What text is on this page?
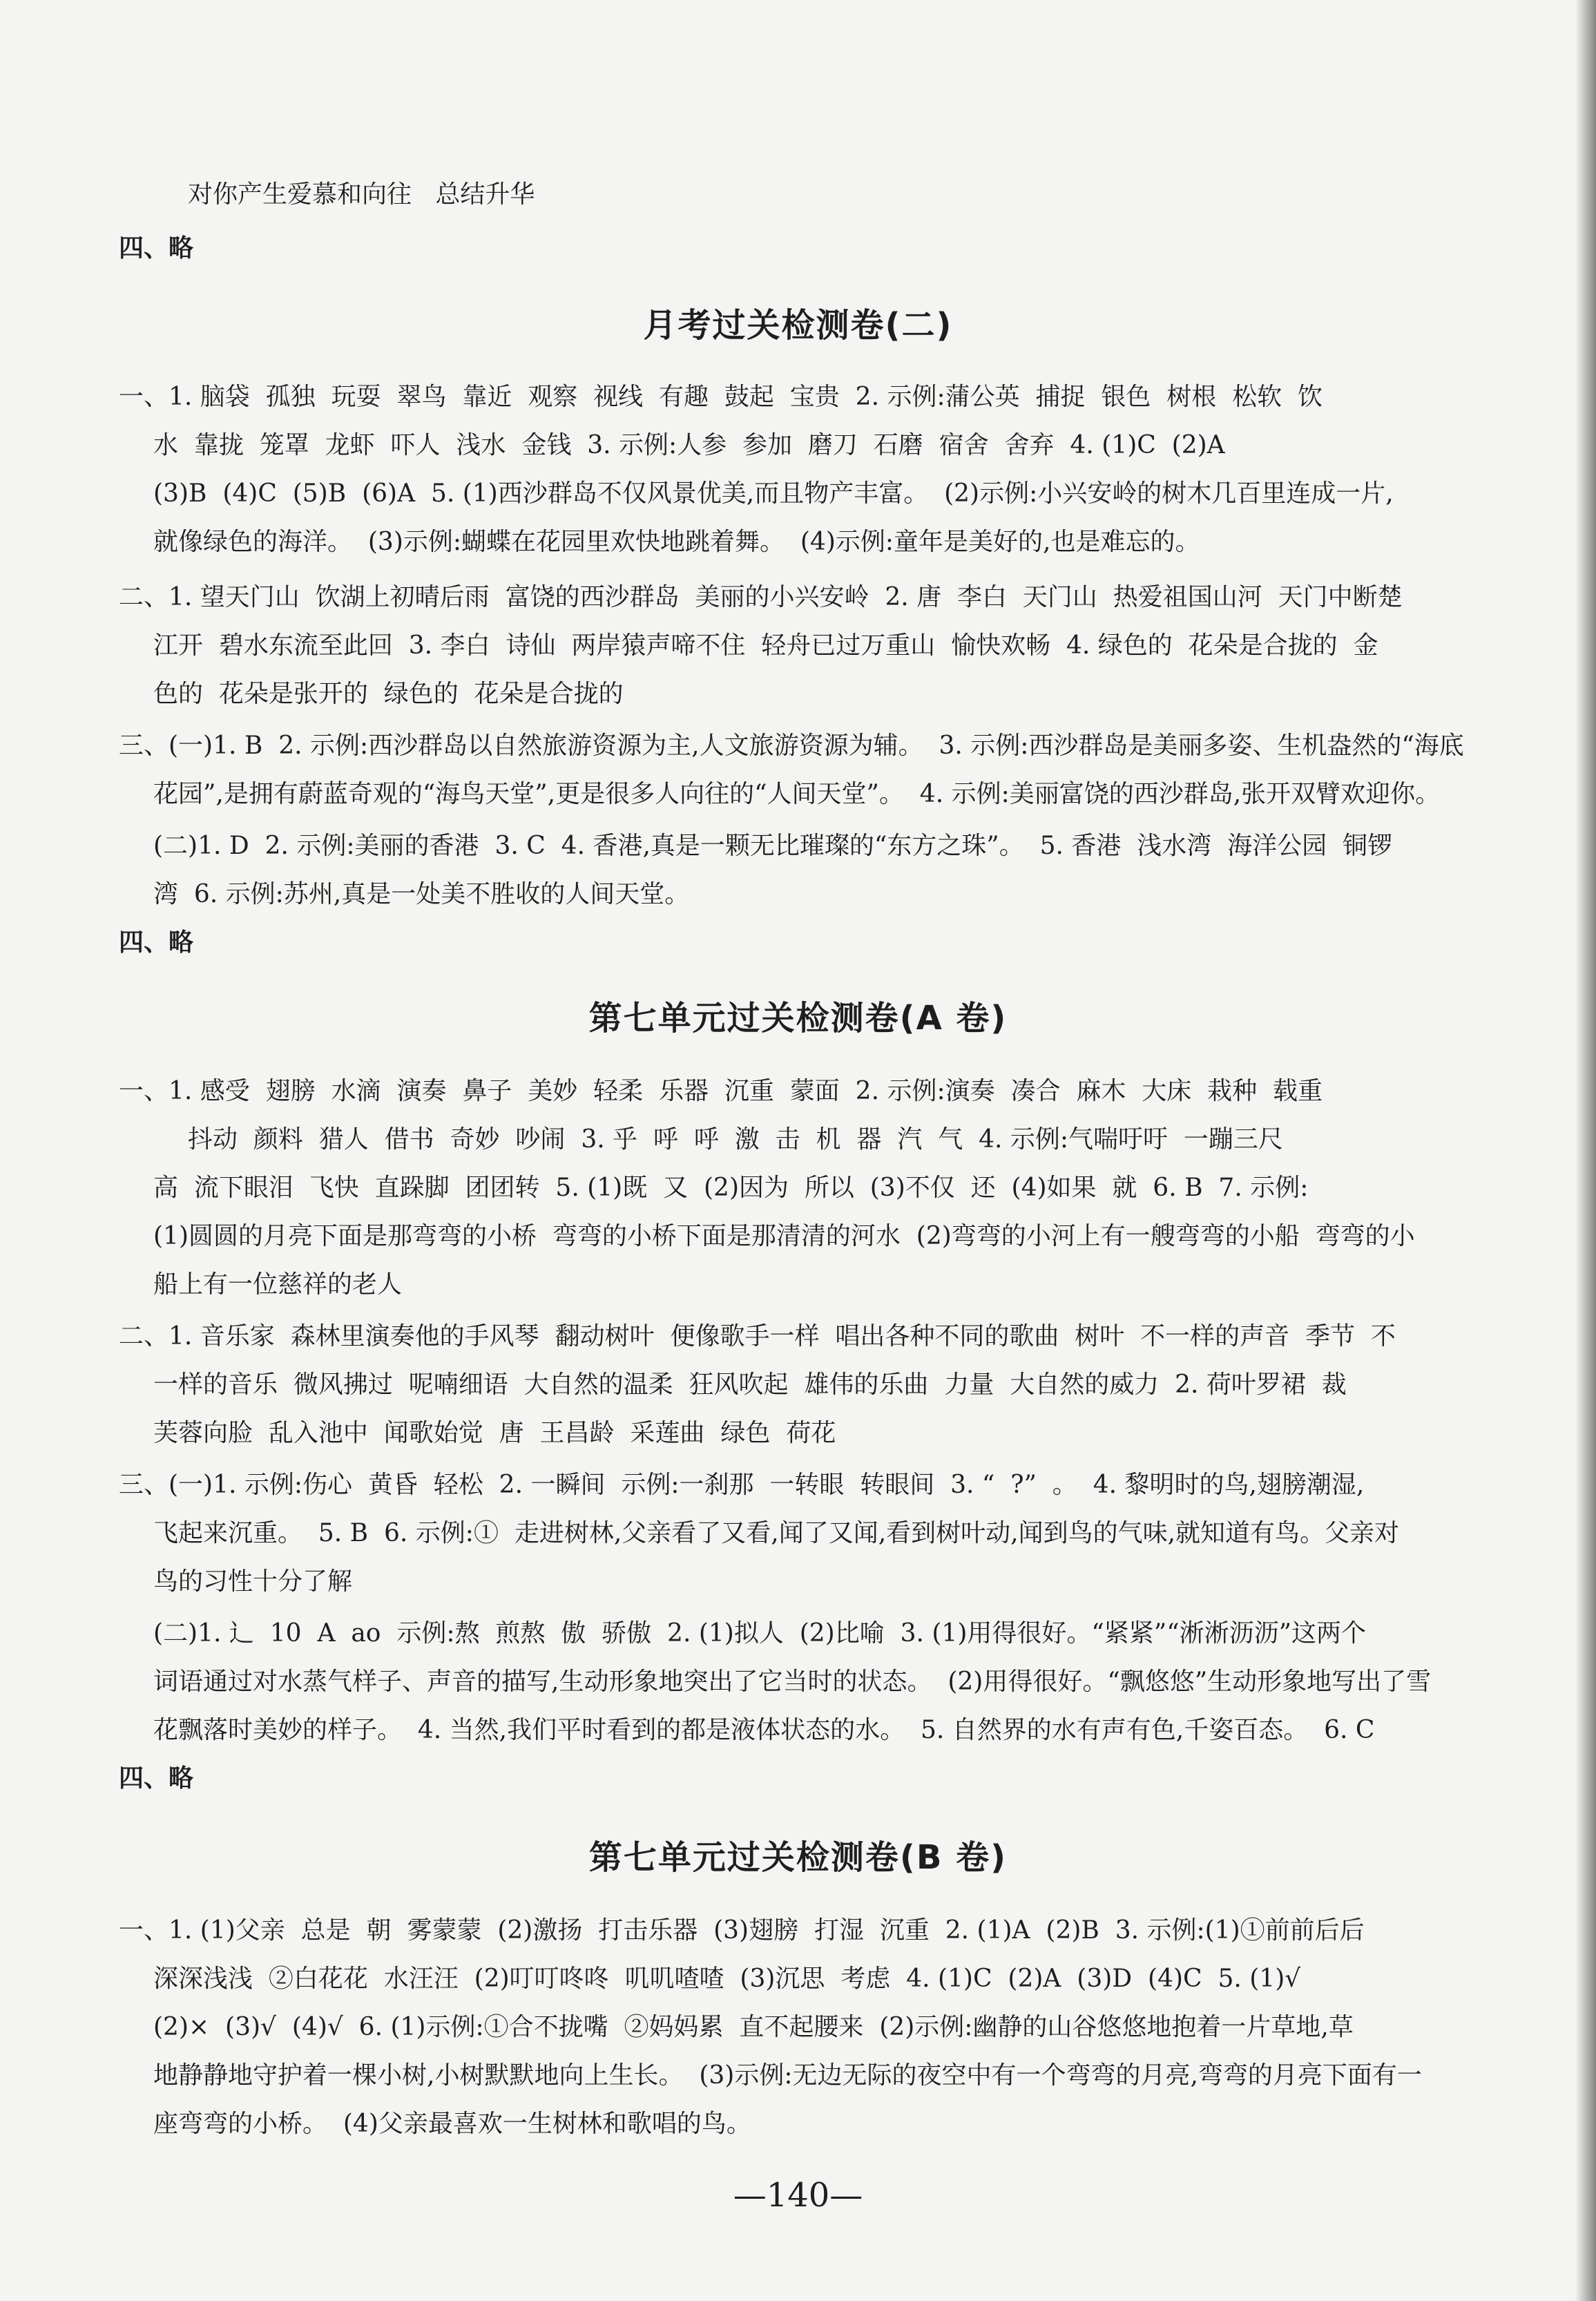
对你产生爱慕和向往   总结升华
四、略
月考过关检测卷(二)
一、1. 脑袋  孤独  玩耍  翠鸟  靠近  观察  视线  有趣  鼓起  宝贵  2. 示例:蒲公英  捕捉  银色  树根  松软  饮
水  靠拢  笼罩  龙虾  吓人  浅水  金钱  3. 示例:人参  参加  磨刀  石磨  宿舍  舍弃  4. (1)C  (2)A
(3)B  (4)C  (5)B  (6)A  5. (1)西沙群岛不仅风景优美,而且物产丰富。  (2)示例:小兴安岭的树木几百里连成一片,
就像绿色的海洋。  (3)示例:蝴蝶在花园里欢快地跳着舞。  (4)示例:童年是美好的,也是难忘的。
二、1. 望天门山  饮湖上初晴后雨  富饶的西沙群岛  美丽的小兴安岭  2. 唐  李白  天门山  热爱祖国山河  天门中断楚
江开  碧水东流至此回  3. 李白  诗仙  两岸猿声啼不住  轻舟已过万重山  愉快欢畅  4. 绿色的  花朵是合拢的  金
色的  花朵是张开的  绿色的  花朵是合拢的
三、(一)1. B  2. 示例:西沙群岛以自然旅游资源为主,人文旅游资源为辅。  3. 示例:西沙群岛是美丽多姿、生机盎然的“海底
花园”,是拥有蔚蓝奇观的“海鸟天堂”,更是很多人向往的“人间天堂”。  4. 示例:美丽富饶的西沙群岛,张开双臂欢迎你。
(二)1. D  2. 示例:美丽的香港  3. C  4. 香港,真是一颗无比璀璨的“东方之珠”。  5. 香港  浅水湾  海洋公园  铜锣
湾  6. 示例:苏州,真是一处美不胜收的人间天堂。
四、略
第七单元过关检测卷(A 卷)
一、1. 感受  翅膀  水滴  演奏  鼻子  美妙  轻柔  乐器  沉重  蒙面  2. 示例:演奏  凑合  麻木  大床  栽种  载重
抖动  颜料  猎人  借书  奇妙  吵闹  3. 乎  呼  呼  激  击  机  器  汽  气  4. 示例:气喘吁吁  一蹦三尺
高  流下眼泪  飞快  直跺脚  团团转  5. (1)既  又  (2)因为  所以  (3)不仅  还  (4)如果  就  6. B  7. 示例:
(1)圆圆的月亮下面是那弯弯的小桥  弯弯的小桥下面是那清清的河水  (2)弯弯的小河上有一艘弯弯的小船  弯弯的小
船上有一位慈祥的老人
二、1. 音乐家  森林里演奏他的手风琴  翻动树叶  便像歌手一样  唱出各种不同的歌曲  树叶  不一样的声音  季节  不
一样的音乐  微风拂过  呢喃细语  大自然的温柔  狂风吹起  雄伟的乐曲  力量  大自然的威力  2. 荷叶罗裙  裁
芙蓉向脸  乱入池中  闻歌始觉  唐  王昌龄  采莲曲  绿色  荷花
三、(一)1. 示例:伤心  黄昏  轻松  2. 一瞬间  示例:一刹那  一转眼  转眼间  3. “  ?”  。  4. 黎明时的鸟,翅膀潮湿,
飞起来沉重。  5. B  6. 示例:①  走进树林,父亲看了又看,闻了又闻,看到树叶动,闻到鸟的气味,就知道有鸟。父亲对
鸟的习性十分了解
(二)1. 辶  10  A  ao  示例:熬  煎熬  傲  骄傲  2. (1)拟人  (2)比喻  3. (1)用得很好。“紧紧”“淅淅沥沥”这两个
词语通过对水蒸气样子、声音的描写,生动形象地突出了它当时的状态。  (2)用得很好。“飘悠悠”生动形象地写出了雪
花飘落时美妙的样子。  4. 当然,我们平时看到的都是液体状态的水。  5. 自然界的水有声有色,千姿百态。  6. C
四、略
第七单元过关检测卷(B 卷)
一、1. (1)父亲  总是  朝  雾蒙蒙  (2)激扬  打击乐器  (3)翅膀  打湿  沉重  2. (1)A  (2)B  3. 示例:(1)①前前后后
深深浅浅  ②白花花  水汪汪  (2)叮叮咚咚  叽叽喳喳  (3)沉思  考虑  4. (1)C  (2)A  (3)D  (4)C  5. (1)√
(2)×  (3)√  (4)√  6. (1)示例:①合不拢嘴  ②妈妈累  直不起腰来  (2)示例:幽静的山谷悠悠地抱着一片草地,草
地静静地守护着一棵小树,小树默默地向上生长。  (3)示例:无边无际的夜空中有一个弯弯的月亮,弯弯的月亮下面有一
座弯弯的小桥。  (4)父亲最喜欢一生树林和歌唱的鸟。
—140—
